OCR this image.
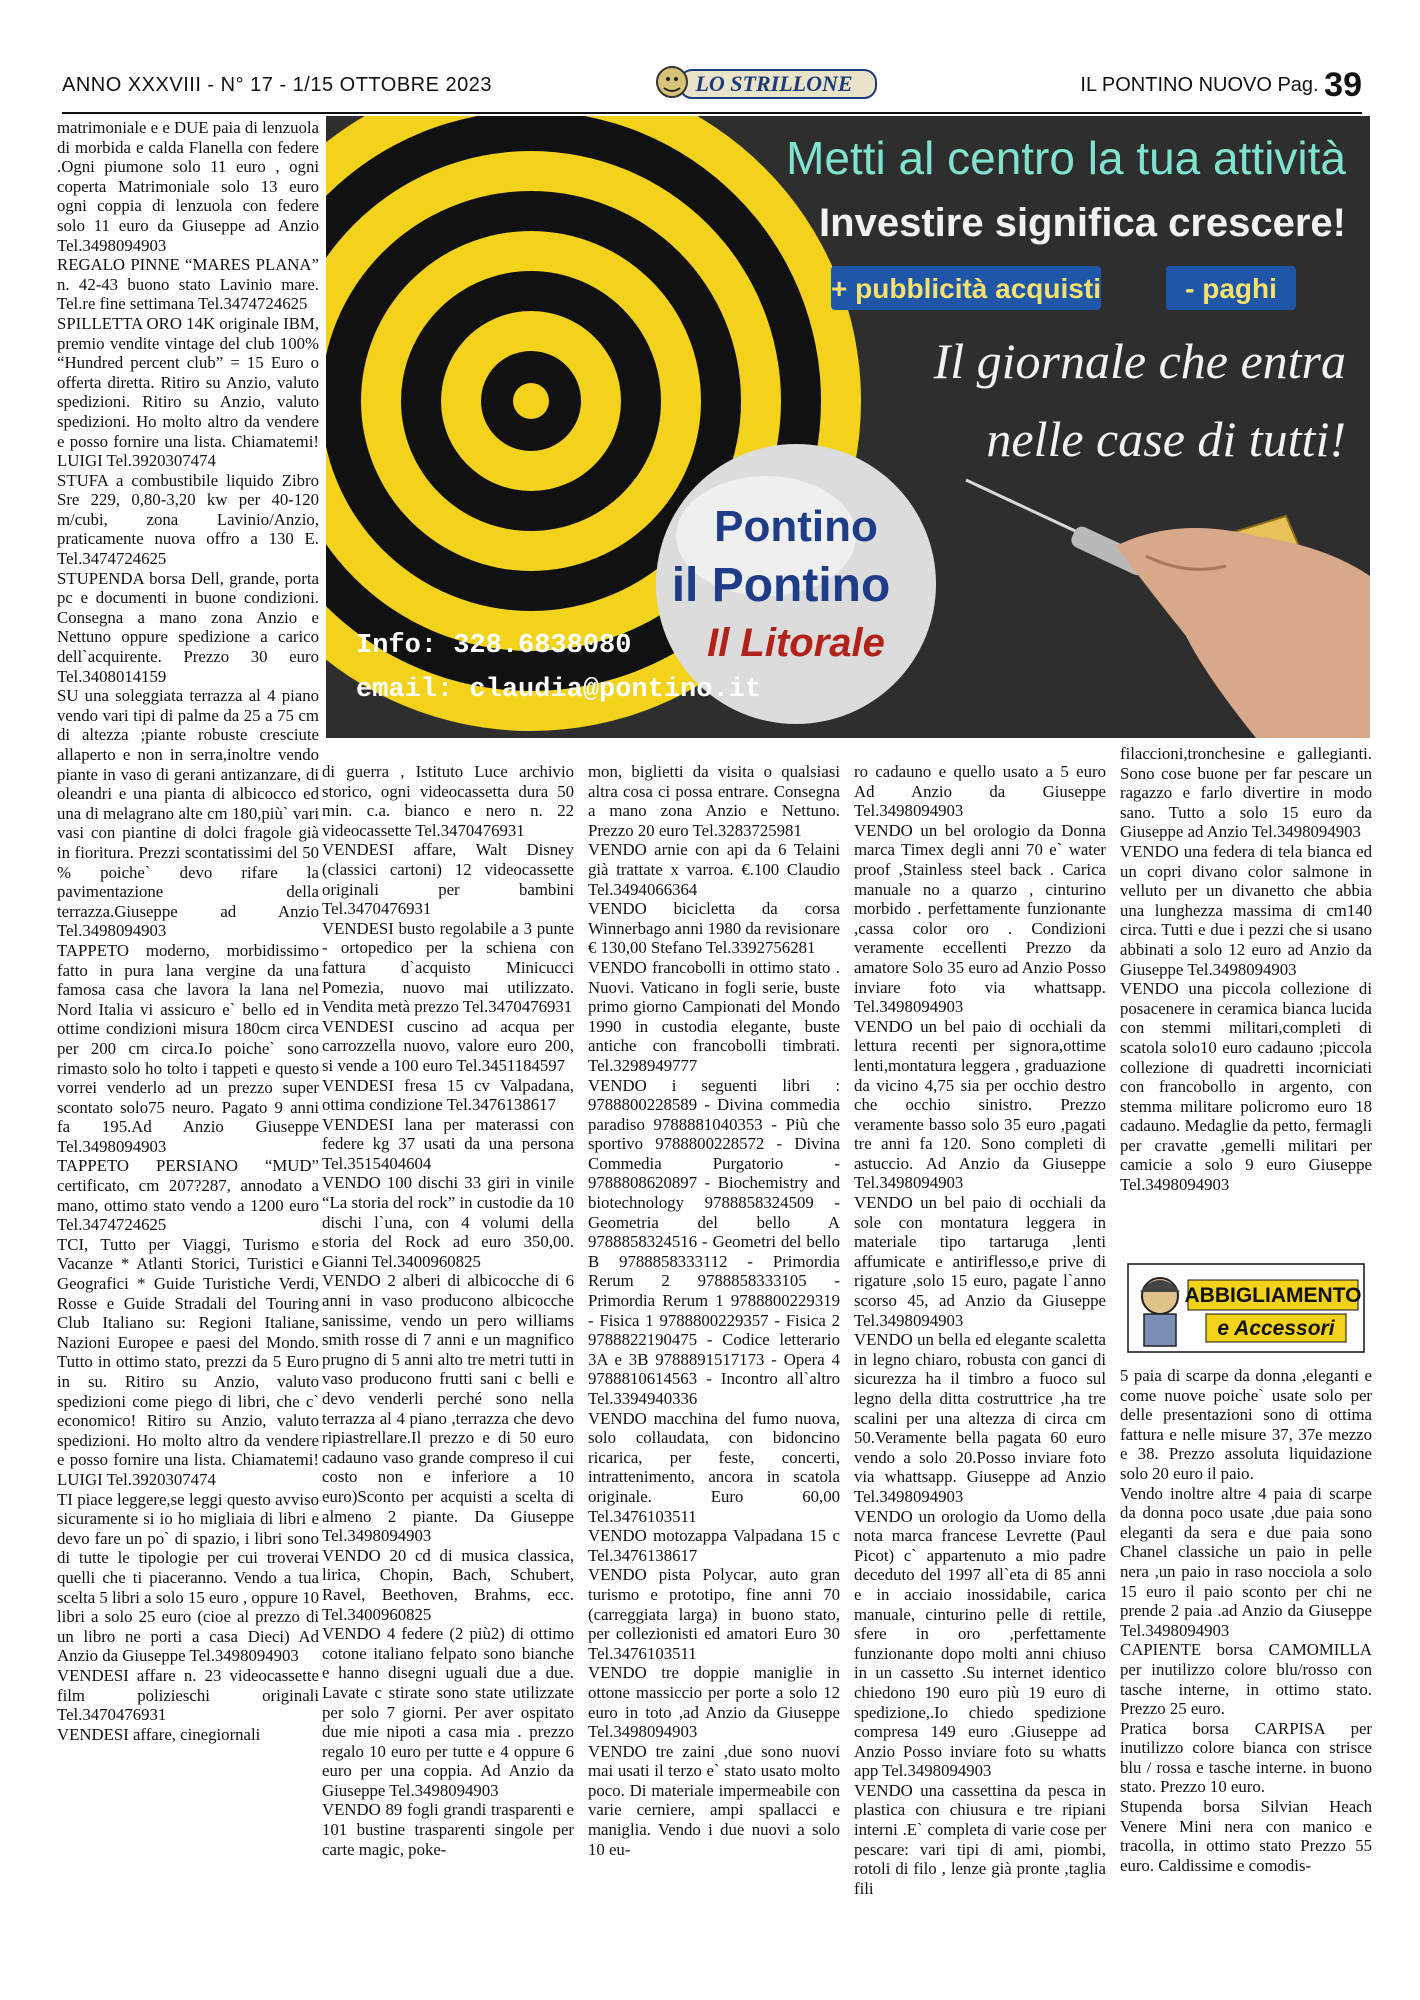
ANNO XXXVIII - N° 17 - 1/15 OTTOBRE 2023	LO STRILLONE	IL PONTINO NUOVO Pag. 39
matrimoniale e e DUE paia di lenzuola di morbida e calda Flanella con federe .Ogni piumone solo 11 euro , ogni coperta Matrimoniale solo 13 euro ogni coppia di lenzuola con federe solo 11 euro da Giuseppe ad Anzio Tel.3498094903
REGALO PINNE “MARES PLANA” n. 42-43 buono stato Lavinio mare. Tel.re fine settimana Tel.3474724625
SPILLETTA ORO 14K originale IBM, premio vendite vintage del club 100% “Hundred percent club” = 15 Euro o offerta diretta. Ritiro su Anzio, valuto spedizioni. Ritiro su Anzio, valuto spedizioni. Ho molto altro da vendere e posso fornire una lista. Chiamatemi! LUIGI Tel.3920307474
STUFA a combustibile liquido Zibro Sre 229, 0,80-3,20 kw per 40-120 m/cubi, zona Lavinio/Anzio, praticamente nuova offro a 130 E. Tel.3474724625
STUPENDA borsa Dell, grande, porta pc e documenti in buone condizioni. Consegna a mano zona Anzio e Nettuno oppure spedizione a carico dell`acquirente. Prezzo 30 euro Tel.3408014159
SU una soleggiata terrazza al 4 piano vendo vari tipi di palme da 25 a 75 cm di altezza ;piante robuste cresciute allaperto e non in serra,inoltre vendo piante in vaso di gerani antizanzare, di oleandri e una pianta di albicocco ed una di melagrano alte cm 180,più` vari vasi con piantine di dolci fragole già in fioritura. Prezzi scontatissimi del 50 % poiche` devo rifare la pavimentazione della terrazza.Giuseppe ad Anzio Tel.3498094903
TAPPETO moderno, morbidissimo fatto in pura lana vergine da una famosa casa che lavora la lana nel Nord Italia vi assicuro e` bello ed in ottime condizioni misura 180cm circa per 200 cm circa.Io poiche` sono rimasto solo ho tolto i tappeti e questo vorrei venderlo ad un prezzo super scontato solo75 neuro. Pagato 9 anni fa 195.Ad Anzio Giuseppe Tel.3498094903
TAPPETO PERSIANO “MUD” certificato, cm 207?287, annodato a mano, ottimo stato vendo a 1200 euro Tel.3474724625
TCI, Tutto per Viaggi, Turismo e Vacanze * Atlanti Storici, Turistici e Geografici * Guide Turistiche Verdi, Rosse e Guide Stradali del Touring Club Italiano su: Regioni Italiane, Nazioni Europee e paesi del Mondo. Tutto in ottimo stato, prezzi da 5 Euro in su. Ritiro su Anzio, valuto spedizioni come piego di libri, che c` economico! Ritiro su Anzio, valuto spedizioni. Ho molto altro da vendere e posso fornire una lista. Chiamatemi! LUIGI Tel.3920307474
TI piace leggere,se leggi questo avviso sicuramente si io ho migliaia di libri e devo fare un po` di spazio, i libri sono di tutte le tipologie per cui troverai quelli che ti piaceranno. Vendo a tua scelta 5 libri a solo 15 euro , oppure 10 libri a solo 25 euro (cioe al prezzo di un libro ne porti a casa Dieci) Ad Anzio da Giuseppe Tel.3498094903
VENDESI affare n. 23 videocassette film polizieschi originali Tel.3470476931
VENDESI affare, cinegiornali
Metti al centro la tua attività
Investire significa crescere!
+ pubblicità acquisti	- paghi
Il giornale che entra
nelle case di tutti!
Pontino
il Pontino
Il Litorale
Info: 328.6838080
email: claudia@pontino.it
di guerra , Istituto Luce archivio storico, ogni videocassetta dura 50 min. c.a. bianco e nero n. 22 videocassette Tel.3470476931
VENDESI affare, Walt Disney (classici cartoni) 12 videocassette originali per bambini Tel.3470476931
VENDESI busto regolabile a 3 punte - ortopedico per la schiena con fattura d`acquisto Minicucci Pomezia, nuovo mai utilizzato. Vendita metà prezzo Tel.3470476931
VENDESI cuscino ad acqua per carrozzella nuovo, valore euro 200, si vende a 100 euro Tel.3451184597
VENDESI fresa 15 cv Valpadana, ottima condizione Tel.3476138617
VENDESI lana per materassi con federe kg 37 usati da una persona Tel.3515404604
VENDO 100 dischi 33 giri in vinile “La storia del rock” in custodie da 10 dischi l`una, con 4 volumi della storia del Rock ad euro 350,00. Gianni Tel.3400960825
VENDO 2 alberi di albicocche di 6 anni in vaso producono albicocche sanissime, vendo un pero williams smith rosse di 7 anni e un magnifico prugno di 5 anni alto tre metri tutti in vaso producono frutti sani c belli e devo venderli perché sono nella terrazza al 4 piano ,terrazza che devo ripiastrellare.Il prezzo e di 50 euro cadauno vaso grande compreso il cui costo non e inferiore a 10 euro)Sconto per acquisti a scelta di almeno 2 piante. Da Giuseppe Tel.3498094903
VENDO 20 cd di musica classica, lirica, Chopin, Bach, Schubert, Ravel, Beethoven, Brahms, ecc. Tel.3400960825
VENDO 4 federe (2 più2) di ottimo cotone italiano felpato sono bianche e hanno disegni uguali due a due. Lavate c stirate sono state utilizzate per solo 7 giorni. Per aver ospitato due mie nipoti a casa mia . prezzo regalo 10 euro per tutte e 4 oppure 6 euro per una coppia. Ad Anzio da Giuseppe Tel.3498094903
VENDO 89 fogli grandi trasparenti e 101 bustine trasparenti singole per carte magic, poke-
mon, biglietti da visita o qualsiasi altra cosa ci possa entrare. Consegna a mano zona Anzio e Nettuno. Prezzo 20 euro Tel.3283725981
VENDO arnie con api da 6 Telaini già trattate x varroa. €.100 Claudio Tel.3494066364
VENDO bicicletta da corsa Winnerbago anni 1980 da revisionare € 130,00 Stefano Tel.3392756281
VENDO francobolli in ottimo stato . Nuovi. Vaticano in fogli serie, buste primo giorno Campionati del Mondo 1990 in custodia elegante, buste antiche con francobolli timbrati. Tel.3298949777
VENDO i seguenti libri : 9788800228589 - Divina commedia paradiso 9788881040353 - Più che sportivo 9788800228572 - Divina Commedia Purgatorio - 9788808620897 - Biochemistry and biotechnology 9788858324509 - Geometria del bello A 9788858324516 - Geometri del bello B 9788858333112 - Primordia Rerum 2 9788858333105 - Primordia Rerum 1 9788800229319 - Fisica 1 9788800229357 - Fisica 2 9788822190475 - Codice letterario 3A e 3B 9788891517173 - Opera 4 9788810614563 - Incontro all`altro Tel.3394940336
VENDO macchina del fumo nuova, solo collaudata, con bidoncino ricarica, per feste, concerti, intrattenimento, ancora in scatola originale. Euro 60,00 Tel.3476103511
VENDO motozappa Valpadana 15 c Tel.3476138617
VENDO pista Polycar, auto gran turismo e prototipo, fine anni 70 (carreggiata larga) in buono stato, per collezionisti ed amatori Euro 30 Tel.3476103511
VENDO tre doppie maniglie in ottone massiccio per porte a solo 12 euro in toto ,ad Anzio da Giuseppe Tel.3498094903
VENDO tre zaini ,due sono nuovi mai usati il terzo e` stato usato molto poco. Di materiale impermeabile con varie cerniere, ampi spallacci e maniglia. Vendo i due nuovi a solo 10 eu-
ro cadauno e quello usato a 5 euro Ad Anzio da Giuseppe Tel.3498094903
VENDO un bel orologio da Donna marca Timex degli anni 70 e` water proof ,Stainless steel back . Carica manuale no a quarzo , cinturino morbido . perfettamente funzionante ,cassa color oro . Condizioni veramente eccellenti Prezzo da amatore Solo 35 euro ad Anzio Posso inviare foto via whattsapp. Tel.3498094903
VENDO un bel paio di occhiali da lettura recenti per signora,ottime lenti,montatura leggera , graduazione da vicino 4,75 sia per occhio destro che occhio sinistro. Prezzo veramente basso solo 35 euro ,pagati tre anni fa 120. Sono completi di astuccio. Ad Anzio da Giuseppe Tel.3498094903
VENDO un bel paio di occhiali da sole con montatura leggera in materiale tipo tartaruga ,lenti affumicate e antiriflesso,e prive di rigature ,solo 15 euro, pagate l`anno scorso 45, ad Anzio da Giuseppe Tel.3498094903
VENDO un bella ed elegante scaletta in legno chiaro, robusta con ganci di sicurezza ha il timbro a fuoco sul legno della ditta costruttrice ,ha tre scalini per una altezza di circa cm 50.Veramente bella pagata 60 euro vendo a solo 20.Posso inviare foto via whattsapp. Giuseppe ad Anzio Tel.3498094903
VENDO un orologio da Uomo della nota marca francese Levrette (Paul Picot) c` appartenuto a mio padre deceduto del 1997 all`eta di 85 anni e in acciaio inossidabile, carica manuale, cinturino pelle di rettile, sfere in oro ,perfettamente funzionante dopo molti anni chiuso in un cassetto .Su internet identico chiedono 190 euro più 19 euro di spedizione,.Io chiedo spedizione compresa 149 euro .Giuseppe ad Anzio Posso inviare foto su whatts app Tel.3498094903
VENDO una cassettina da pesca in plastica con chiusura e tre ripiani interni .E` completa di varie cose per pescare: vari tipi di ami, piombi, rotoli di filo , lenze già pronte ,taglia fili
filaccioni,tronchesine e gallegianti. Sono cose buone per far pescare un ragazzo e farlo divertire in modo sano. Tutto a solo 15 euro da Giuseppe ad Anzio Tel.3498094903
VENDO una federa di tela bianca ed un copri divano color salmone in velluto per un divanetto che abbia una lunghezza massima di cm140 circa. Tutti e due i pezzi che si usano abbinati a solo 12 euro ad Anzio da Giuseppe Tel.3498094903
VENDO una piccola collezione di posacenere in ceramica bianca lucida con stemmi militari,completi di scatola solo10 euro cadauno ;piccola collezione di quadretti incorniciati con francobollo in argento, con stemma militare policromo euro 18 cadauno. Medaglie da petto, fermagli per cravatte ,gemelli militari per camicie a solo 9 euro Giuseppe Tel.3498094903
ABBIGLIAMENTO
e Accessori
5 paia di scarpe da donna ,eleganti e come nuove poiche` usate solo per delle presentazioni sono di ottima fattura e nelle misure 37, 37e mezzo e 38. Prezzo assoluta liquidazione solo 20 euro il paio.
Vendo inoltre altre 4 paia di scarpe da donna poco usate ,due paia sono eleganti da sera e due paia sono Chanel classiche un paio in pelle nera ,un paio in raso nocciola a solo 15 euro il paio sconto per chi ne prende 2 paia .ad Anzio da Giuseppe Tel.3498094903
CAPIENTE borsa CAMOMILLA per inutilizzo colore blu/rosso con tasche interne, in ottimo stato. Prezzo 25 euro.
Pratica borsa CARPISA per inutilizzo colore bianca con strisce blu / rossa e tasche interne. in buono stato. Prezzo 10 euro.
Stupenda borsa Silvian Heach Venere Mini nera con manico e tracolla, in ottimo stato Prezzo 55 euro. Caldissime e comodis-
